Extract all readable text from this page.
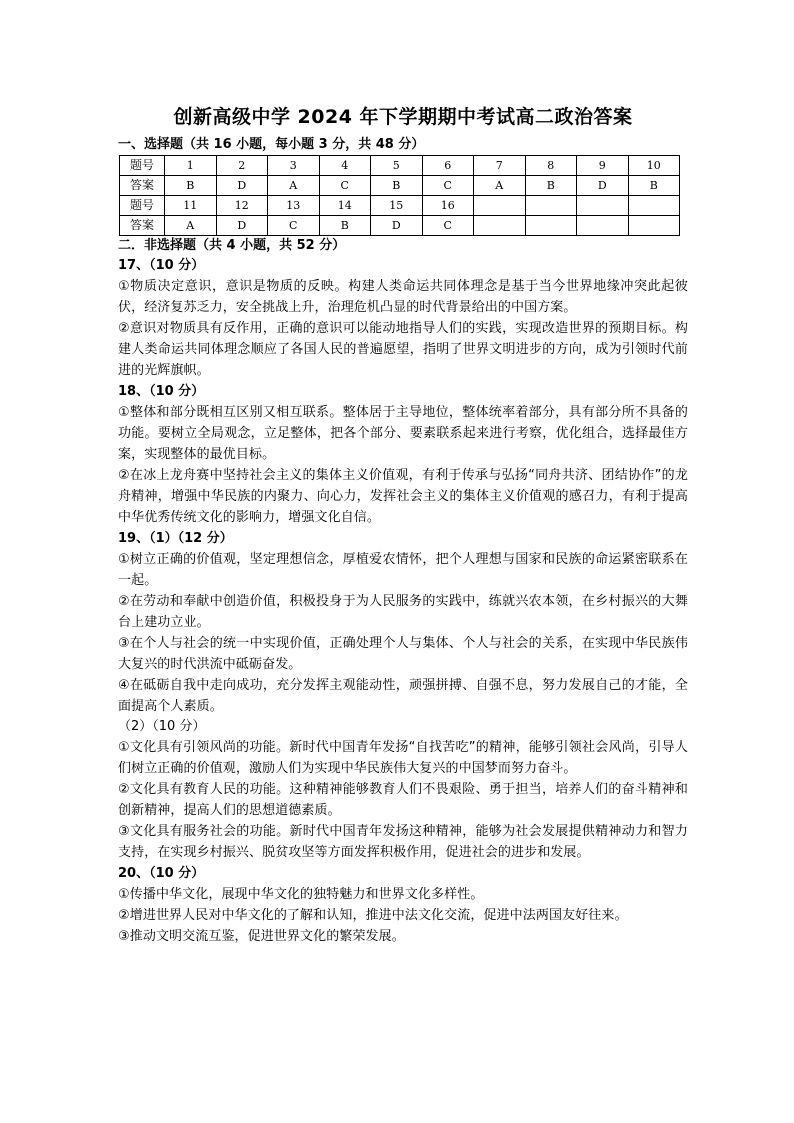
创新高级中学 2024 年下学期期中考试高二政治答案
一、选择题（共 16 小题，每小题 3 分，共 48 分）
题号	1	2	3	4	5	6	7	8	9	10
答案	B	D	A	C	B	C	A	B	D	B
题号	11	12	13	14	15	16				
答案	A	D	C	B	D	C				
二．非选择题（共 4 小题，共 52 分）
17、（10 分）

①物质决定意识，意识是物质的反映。构建人类命运共同体理念是基于当今世界地缘冲突此起彼伏，经济复苏乏力，安全挑战上升，治理危机凸显的时代背景给出的中国方案。

②意识对物质具有反作用，正确的意识可以能动地指导人们的实践，实现改造世界的预期目标。构建人类命运共同体理念顺应了各国人民的普遍愿望，指明了世界文明进步的方向，成为引领时代前进的光辉旗帜。

18、（10 分）

①整体和部分既相互区别又相互联系。整体居于主导地位，整体统率着部分，具有部分所不具备的功能。要树立全局观念，立足整体，把各个部分、要素联系起来进行考察，优化组合，选择最佳方案，实现整体的最优目标。

②在冰上龙舟赛中坚持社会主义的集体主义价值观，有利于传承与弘扬“同舟共济、团结协作”的龙舟精神，增强中华民族的内聚力、向心力，发挥社会主义的集体主义价值观的感召力，有利于提高中华优秀传统文化的影响力，增强文化自信。

19、（1）（12 分）

①树立正确的价值观，坚定理想信念，厚植爱农情怀，把个人理想与国家和民族的命运紧密联系在一起。

②在劳动和奉献中创造价值，积极投身于为人民服务的实践中，练就兴农本领，在乡村振兴的大舞台上建功立业。

③在个人与社会的统一中实现价值，正确处理个人与集体、个人与社会的关系，在实现中华民族伟大复兴的时代洪流中砥砺奋发。

④在砥砺自我中走向成功，充分发挥主观能动性，顽强拼搏、自强不息，努力发展自己的才能，全面提高个人素质。

（2）（10 分）

①文化具有引领风尚的功能。新时代中国青年发扬“自找苦吃”的精神，能够引领社会风尚，引导人们树立正确的价值观，激励人们为实现中华民族伟大复兴的中国梦而努力奋斗。

②文化具有教育人民的功能。这种精神能够教育人们不畏艰险、勇于担当，培养人们的奋斗精神和创新精神，提高人们的思想道德素质。

③文化具有服务社会的功能。新时代中国青年发扬这种精神，能够为社会发展提供精神动力和智力支持，在实现乡村振兴、脱贫攻坚等方面发挥积极作用，促进社会的进步和发展。

20、（10 分）

①传播中华文化，展现中华文化的独特魅力和世界文化多样性。

②增进世界人民对中华文化的了解和认知，推进中法文化交流，促进中法两国友好往来。

③推动文明交流互鉴，促进世界文化的繁荣发展。
